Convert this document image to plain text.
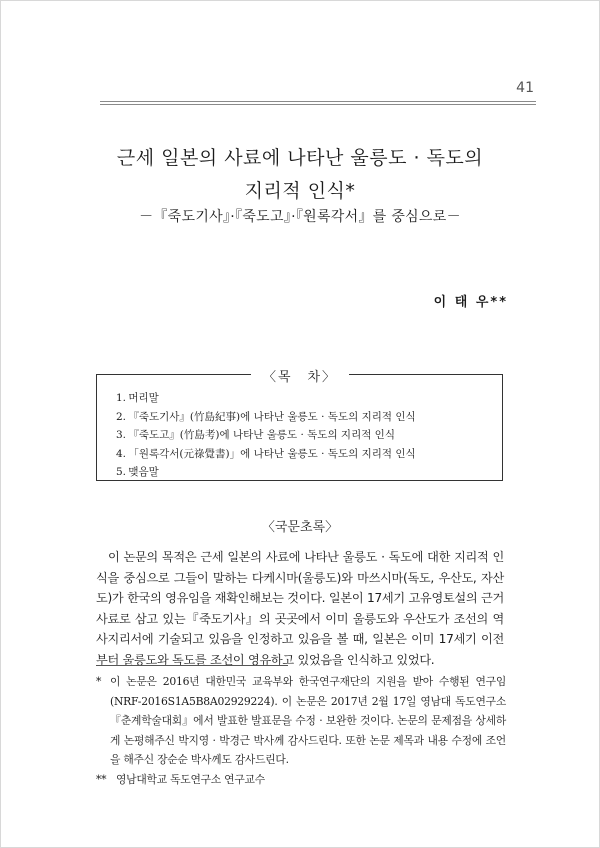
41
근세 일본의 사료에 나타난 울릉도 · 독도의
지리적 인식*
－『죽도기사』·『죽도고』·『원록각서』를 중심으로－
이 태 우**
〈목　차〉
1. 머리말
2. 『죽도기사』(竹島紀事)에 나타난 울릉도 · 독도의 지리적 인식
3. 『죽도고』(竹島考)에 나타난 울릉도 · 독도의 지리적 인식
4. 「원록각서(元祿覺書)」에 나타난 울릉도 · 독도의 지리적 인식
5. 맺음말
〈국문초록〉

이 논문의 목적은 근세 일본의 사료에 나타난 울릉도 · 독도에 대한 지리적 인식을 중심으로 그들이 말하는 다케시마(울릉도)와 마쓰시마(독도, 우산도, 자산도)가 한국의 영유임을 재확인해보는 것이다. 일본이 17세기 고유영토설의 근거 사료로 삼고 있는『죽도기사』의 곳곳에서 이미 울릉도와 우산도가 조선의 역사지리서에 기술되고 있음을 인정하고 있음을 볼 때, 일본은 이미 17세기 이전부터 울릉도와 독도를 조선이 영유하고 있었음을 인식하고 있었다.

* 이 논문은 2016년 대한민국 교육부와 한국연구재단의 지원을 받아 수행된 연구임(NRF-2016S1A5B8A02929224). 이 논문은 2017년 2월 17일 영남대 독도연구소『춘계학술대회』에서 발표한 발표문을 수정 · 보완한 것이다. 논문의 문제점을 상세하게 논평해주신 박지영 · 박경근 박사께 감사드린다. 또한 논문 제목과 내용 수정에 조언을 해주신 장순순 박사께도 감사드린다.
** 영남대학교 독도연구소 연구교수
